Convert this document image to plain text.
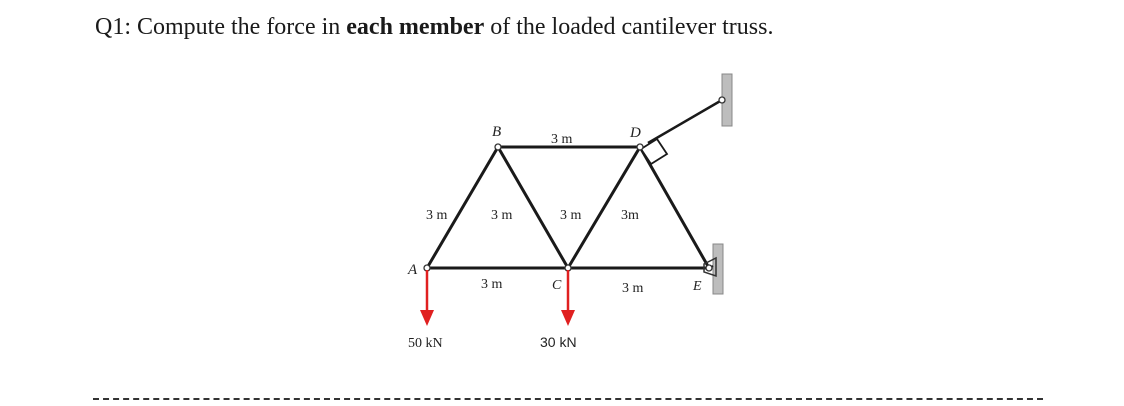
Q1: Compute the force in each member of the loaded cantilever truss.
A
B
C
D
E
3 m
3 m	3 m	3 m	3m
3 m	3 m
50 kN	30 kN
